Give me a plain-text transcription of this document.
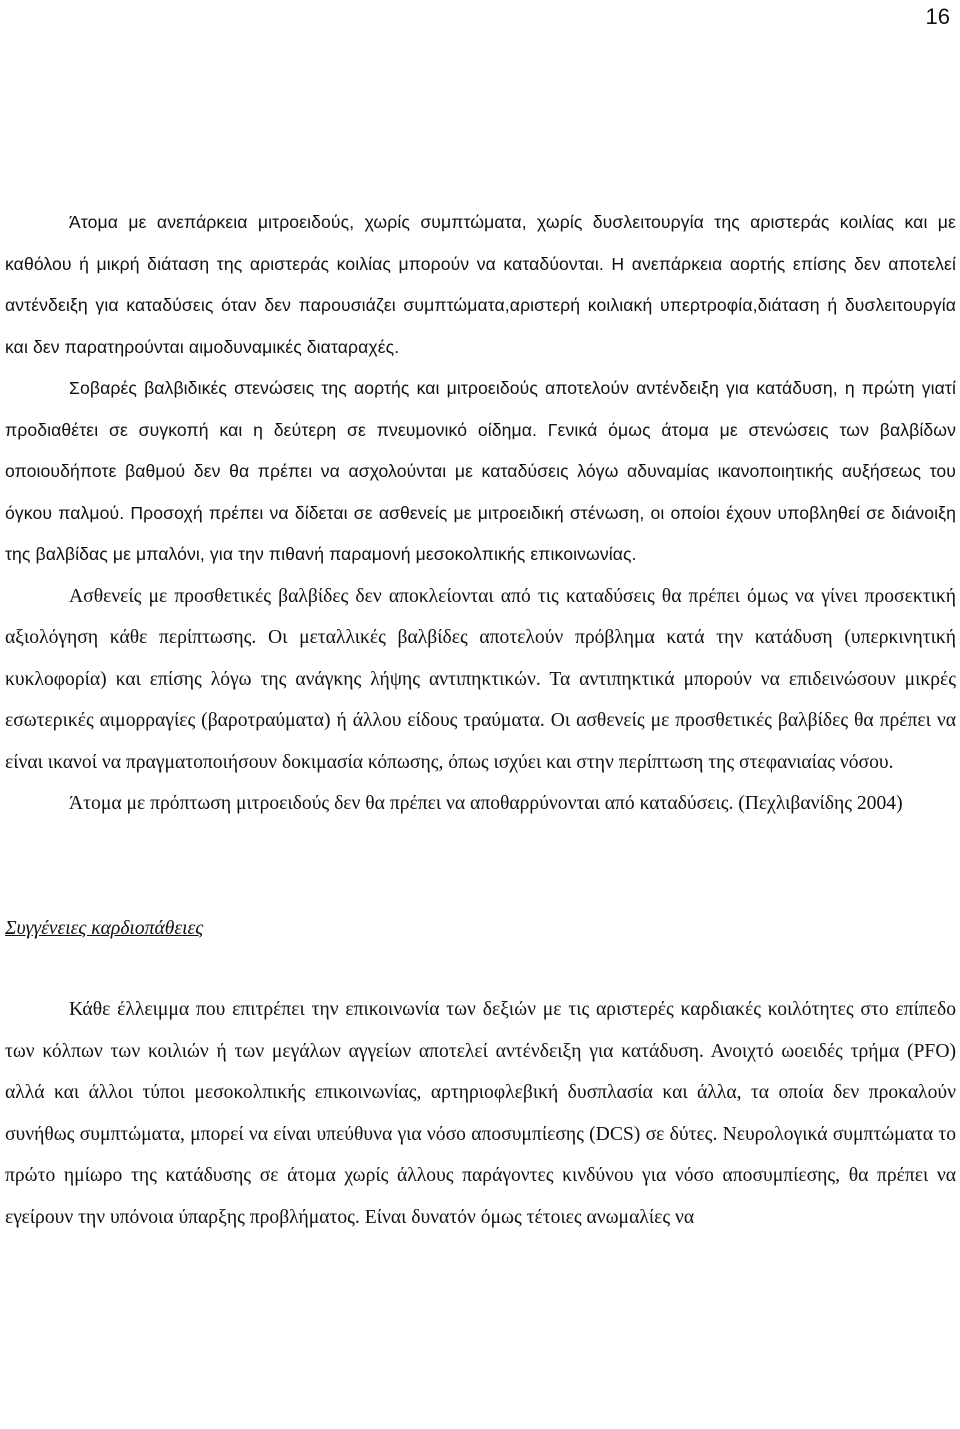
16

Άτομα με ανεπάρκεια μιτροειδούς, χωρίς συμπτώματα, χωρίς δυσλειτουργία της αριστεράς κοιλίας και με καθόλου ή μικρή διάταση της αριστεράς κοιλίας μπορούν να καταδύονται. Η ανεπάρκεια αορτής επίσης δεν αποτελεί αντένδειξη για καταδύσεις όταν δεν παρουσιάζει συμπτώματα,αριστερή κοιλιακή υπερτροφία,διάταση ή δυσλειτουργία και δεν παρατηρούνται αιμοδυναμικές διαταραχές.

Σοβαρές βαλβιδικές στενώσεις της αορτής και μιτροειδούς αποτελούν αντένδειξη για κατάδυση, η πρώτη γιατί προδιαθέτει σε συγκοπή και η δεύτερη σε πνευμονικό οίδημα. Γενικά όμως άτομα με στενώσεις των βαλβίδων οποιουδήποτε βαθμού δεν θα πρέπει να ασχολούνται με καταδύσεις λόγω αδυναμίας ικανοποιητικής αυξήσεως του όγκου παλμού. Προσοχή πρέπει να δίδεται σε ασθενείς με μιτροειδική στένωση, οι οποίοι έχουν υποβληθεί σε διάνοιξη της βαλβίδας με μπαλόνι, για την πιθανή παραμονή μεσοκολπικής επικοινωνίας.

Ασθενείς με προσθετικές βαλβίδες δεν αποκλείονται από τις καταδύσεις θα πρέπει όμως να γίνει προσεκτική αξιολόγηση κάθε περίπτωσης. Οι μεταλλικές βαλβίδες αποτελούν πρόβλημα κατά την κατάδυση (υπερκινητική κυκλοφορία) και επίσης λόγω της ανάγκης λήψης αντιπηκτικών. Τα αντιπηκτικά μπορούν να επιδεινώσουν μικρές εσωτερικές αιμορραγίες (βαροτραύματα) ή άλλου είδους τραύματα. Οι ασθενείς με προσθετικές βαλβίδες θα πρέπει να είναι ικανοί να πραγματοποιήσουν δοκιμασία κόπωσης, όπως ισχύει και στην περίπτωση της στεφανιαίας νόσου.

Άτομα με πρόπτωση μιτροειδούς δεν θα πρέπει να αποθαρρύνονται από καταδύσεις. (Πεχλιβανίδης 2004)

Συγγένειες καρδιοπάθειες

Κάθε έλλειμμα που επιτρέπει την επικοινωνία των δεξιών με τις αριστερές καρδιακές κοιλότητες στο επίπεδο των κόλπων των κοιλιών ή των μεγάλων αγγείων αποτελεί αντένδειξη για κατάδυση. Ανοιχτό ωοειδές τρήμα (PFO) αλλά και άλλοι τύποι μεσοκολπικής επικοινωνίας, αρτηριοφλεβική δυσπλασία και άλλα, τα οποία δεν προκαλούν συνήθως συμπτώματα, μπορεί να είναι υπεύθυνα για νόσο αποσυμπίεσης (DCS) σε δύτες. Νευρολογικά συμπτώματα το πρώτο ημίωρο της κατάδυσης σε άτομα χωρίς άλλους παράγοντες κινδύνου για νόσο αποσυμπίεσης, θα πρέπει να εγείρουν την υπόνοια ύπαρξης προβλήματος. Είναι δυνατόν όμως τέτοιες ανωμαλίες να
